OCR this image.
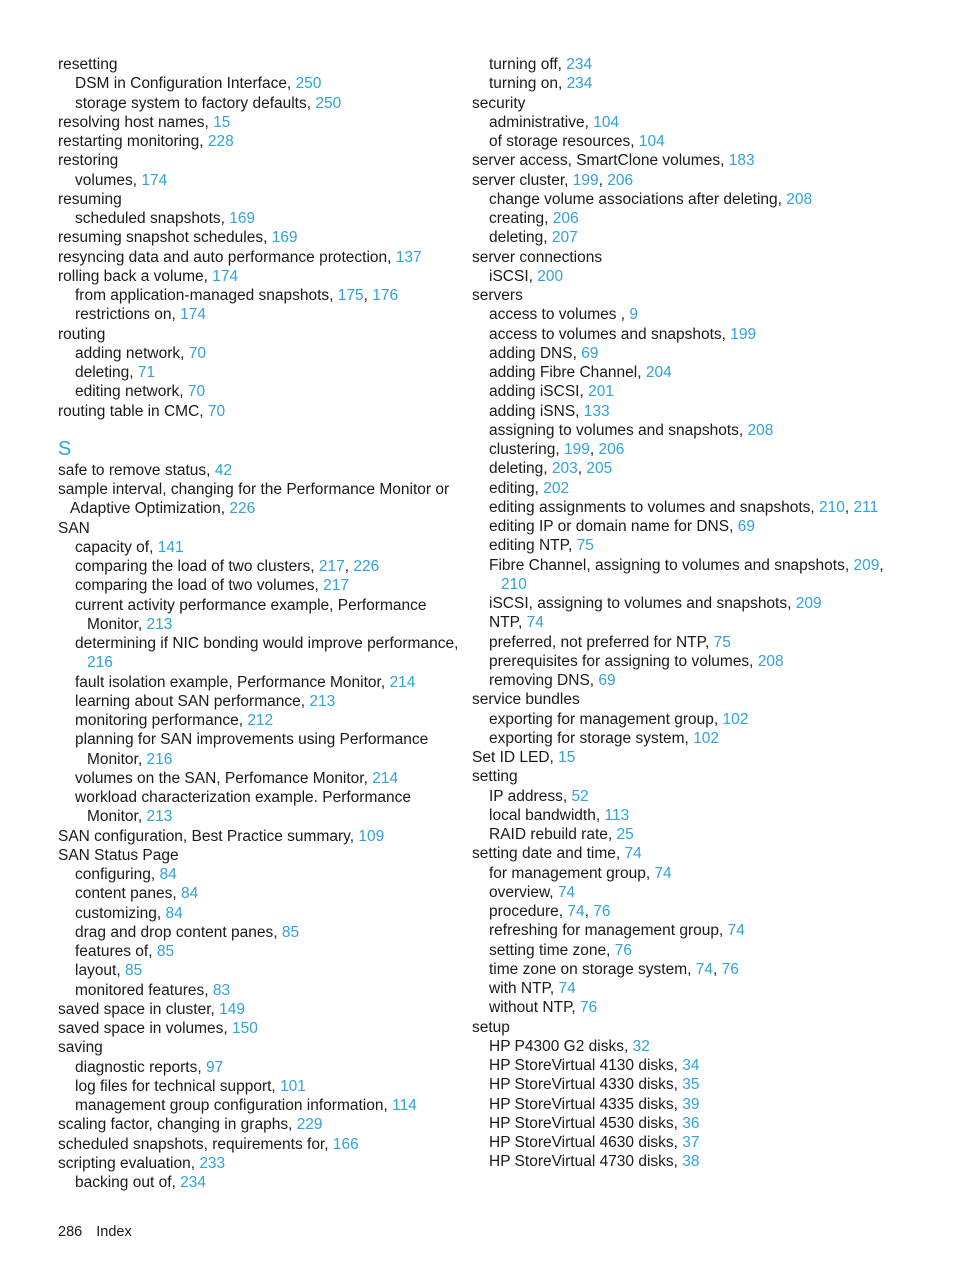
resetting
DSM in Configuration Interface, 250
storage system to factory defaults, 250
resolving host names, 15
restarting monitoring, 228
restoring
volumes, 174
resuming
scheduled snapshots, 169
resuming snapshot schedules, 169
resyncing data and auto performance protection, 137
rolling back a volume, 174
from application-managed snapshots, 175, 176
restrictions on, 174
routing
adding network, 70
deleting, 71
editing network, 70
routing table in CMC, 70
S
safe to remove status, 42
sample interval, changing for the Performance Monitor or Adaptive Optimization, 226
SAN
capacity of, 141
comparing the load of two clusters, 217, 226
comparing the load of two volumes, 217
current activity performance example, Performance Monitor, 213
determining if NIC bonding would improve performance, 216
fault isolation example, Performance Monitor, 214
learning about SAN performance, 213
monitoring performance, 212
planning for SAN improvements using Performance Monitor, 216
volumes on the SAN, Perfomance Monitor, 214
workload characterization example. Performance Monitor, 213
SAN configuration, Best Practice summary, 109
SAN Status Page
configuring, 84
content panes, 84
customizing, 84
drag and drop content panes, 85
features of, 85
layout, 85
monitored features, 83
saved space in cluster, 149
saved space in volumes, 150
saving
diagnostic reports, 97
log files for technical support, 101
management group configuration information, 114
scaling factor, changing in graphs, 229
scheduled snapshots, requirements for, 166
scripting evaluation, 233
backing out of, 234
turning off, 234
turning on, 234
security
administrative, 104
of storage resources, 104
server access, SmartClone volumes, 183
server cluster, 199, 206
change volume associations after deleting, 208
creating, 206
deleting, 207
server connections
iSCSI, 200
servers
access to volumes , 9
access to volumes and snapshots, 199
adding DNS, 69
adding Fibre Channel, 204
adding iSCSI, 201
adding iSNS, 133
assigning to volumes and snapshots, 208
clustering, 199, 206
deleting, 203, 205
editing, 202
editing assignments to volumes and snapshots, 210, 211
editing IP or domain name for DNS, 69
editing NTP, 75
Fibre Channel, assigning to volumes and snapshots, 209, 210
iSCSI, assigning to volumes and snapshots, 209
NTP, 74
preferred, not preferred for NTP, 75
prerequisites for assigning to volumes, 208
removing DNS, 69
service bundles
exporting for management group, 102
exporting for storage system, 102
Set ID LED, 15
setting
IP address, 52
local bandwidth, 113
RAID rebuild rate, 25
setting date and time, 74
for management group, 74
overview, 74
procedure, 74, 76
refreshing for management group, 74
setting time zone, 76
time zone on storage system, 74, 76
with NTP, 74
without NTP, 76
setup
HP P4300 G2 disks, 32
HP StoreVirtual 4130 disks, 34
HP StoreVirtual 4330 disks, 35
HP StoreVirtual 4335 disks, 39
HP StoreVirtual 4530 disks, 36
HP StoreVirtual 4630 disks, 37
HP StoreVirtual 4730 disks, 38
286 Index
